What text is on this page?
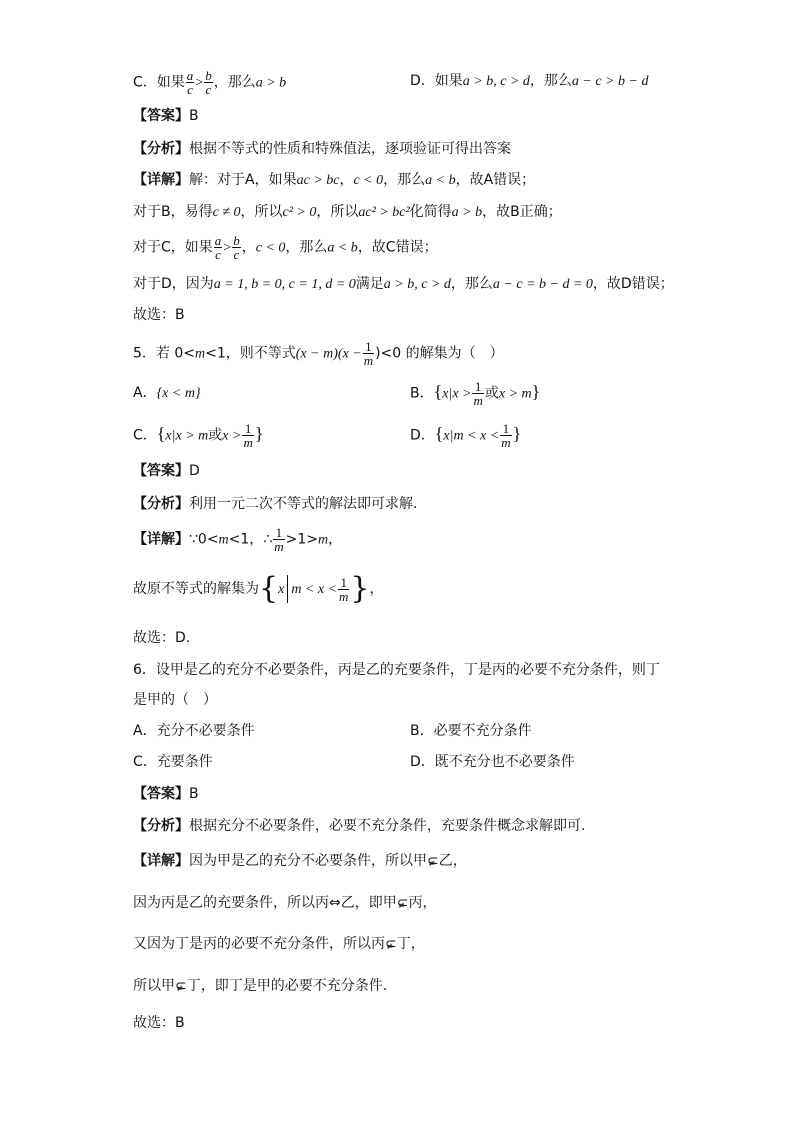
C．如果 $\frac{a}{c} > \frac{b}{c}$ ，那么a > b	D．如果a > b, c > d，那么a − c > b − d
【答案】B
【分析】根据不等式的性质和特殊值法，逐项验证可得出答案
【详解】解：对于A，如果ac > bc，c < 0，那么a < b，故A错误；
对于B，易得c ≠ 0，所以c² > 0，所以ac² > bc²化简得a > b，故B正确；
对于C，如果 $\frac{a}{c} > \frac{b}{c}$ ，c < 0，那么a < b，故C错误；
对于D，因为a = 1, b = 0, c = 1, d = 0满足a > b, c > d，那么a − c = b − d = 0，故D错误；
故选：B
5．若 0<m<1，则不等式$(x - m)(x - \frac{1}{m} )<0$ 的解集为（　）
A．{x < m}	B．{$x|x > \frac{1}{m}$ 或x > m}
C．{x|x > m或$x > \frac{1}{m}$ }	D．{$x|m < x < \frac{1}{m}$ }
【答案】D
【分析】利用一元二次不等式的解法即可求解.
【详解】∵0<m<1，∴ $\frac{1}{m} >1>m$，
故原不等式的解集为{x $m < x < \frac{1}{m}$ }，
故选：D.
6．设甲是乙的充分不必要条件，丙是乙的充要条件，丁是丙的必要不充分条件，则丁
是甲的（　）
A．充分不必要条件	B．必要不充分条件
C．充要条件	D．既不充分也不必要条件
【答案】B
【分析】根据充分不必要条件，必要不充分条件，充要条件概念求解即可.
【详解】因为甲是乙的充分不必要条件，所以甲⊂ ≠乙，
因为丙是乙的充要条件，所以丙⇔乙，即甲⊂ ≠丙，
又因为丁是丙的必要不充分条件，所以丙⊂ ≠丁，
所以甲⊂ ≠丁，即丁是甲的必要不充分条件.
故选：B
